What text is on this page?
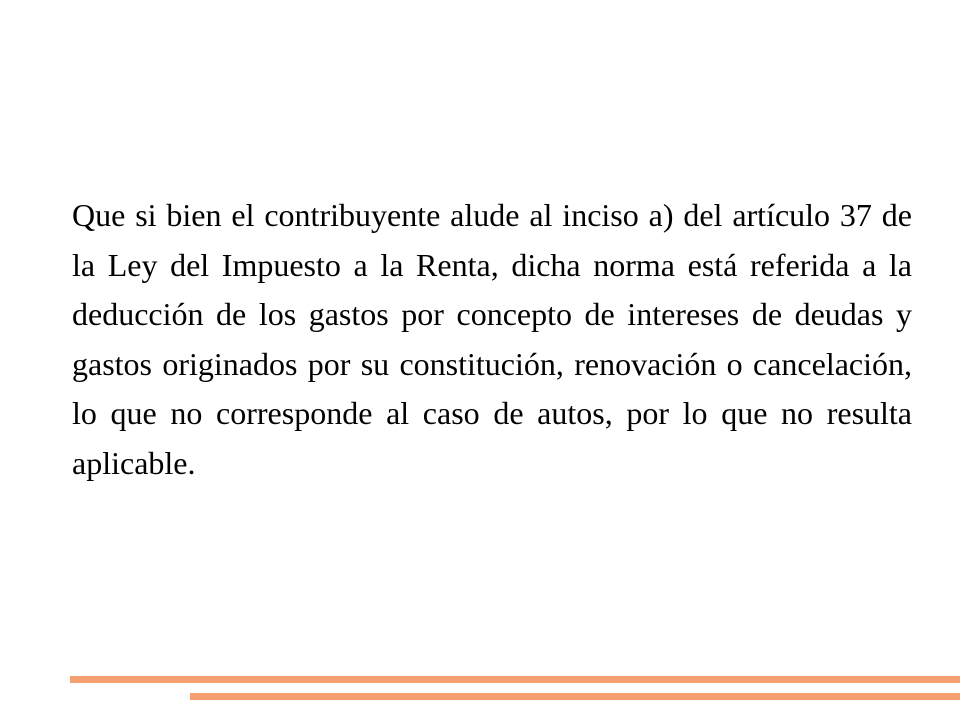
Que si bien el contribuyente alude al inciso a) del artículo 37 de la Ley del Impuesto a la Renta, dicha norma está referida a la deducción de los gastos por concepto de intereses de deudas y gastos originados por su constitución, renovación o cancelación, lo que no corresponde al caso de autos, por lo que no resulta aplicable.
